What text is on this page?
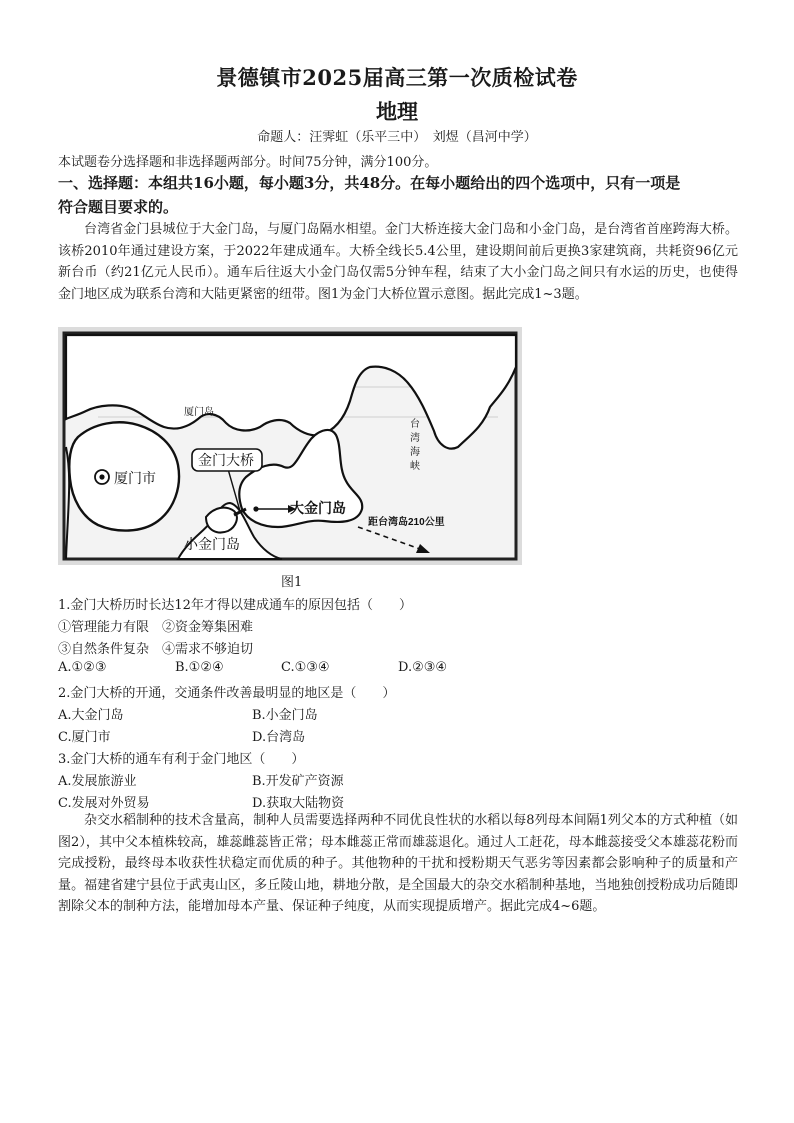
景德镇市2025届高三第一次质检试卷
地理
命题人：汪霁虹（乐平三中）　刘煜（昌河中学）
本试题卷分选择题和非选择题两部分。时间75分钟，满分100分。
一、选择题：本组共16小题，每小题3分，共48分。在每小题给出的四个选项中，只有一项是
符合题目要求的。

台湾省金门县城位于大金门岛，与厦门岛隔水相望。金门大桥连接大金门岛和小金门岛，是台湾省首座跨海大桥。该桥2010年通过建设方案，于2022年建成通车。大桥全线长5.4公里，建设期间前后更换3家建筑商，共耗资96亿元新台币（约21亿元人民币）。通车后往返大小金门岛仅需5分钟车程，结束了大小金门岛之间只有水运的历史，也使得金门地区成为联系台湾和大陆更紧密的纽带。图1为金门大桥位置示意图。据此完成1~3题。

金门大桥
厦门市
厦门岛
大金门岛
小金门岛
距台湾岛210公里
台
湾
海
峡
图1
1.金门大桥历时长达12年才得以建成通车的原因包括（　　）
①管理能力有限　②资金筹集困难
③自然条件复杂　④需求不够迫切
A.①②③	B.①②④	C.①③④	D.②③④
2.金门大桥的开通，交通条件改善最明显的地区是（　　）
A.大金门岛	B.小金门岛
C.厦门市	D.台湾岛
3.金门大桥的通车有利于金门地区（　　）
A.发展旅游业	B.开发矿产资源
C.发展对外贸易	D.获取大陆物资

杂交水稻制种的技术含量高，制种人员需要选择两种不同优良性状的水稻以每8列母本间隔1列父本的方式种植（如图2），其中父本植株较高，雄蕊雌蕊皆正常；母本雌蕊正常而雄蕊退化。通过人工赶花，母本雌蕊接受父本雄蕊花粉而完成授粉，最终母本收获性状稳定而优质的种子。其他物种的干扰和授粉期天气恶劣等因素都会影响种子的质量和产量。福建省建宁县位于武夷山区，多丘陵山地，耕地分散，是全国最大的杂交水稻制种基地，当地独创授粉成功后随即割除父本的制种方法，能增加母本产量、保证种子纯度，从而实现提质增产。据此完成4~6题。
